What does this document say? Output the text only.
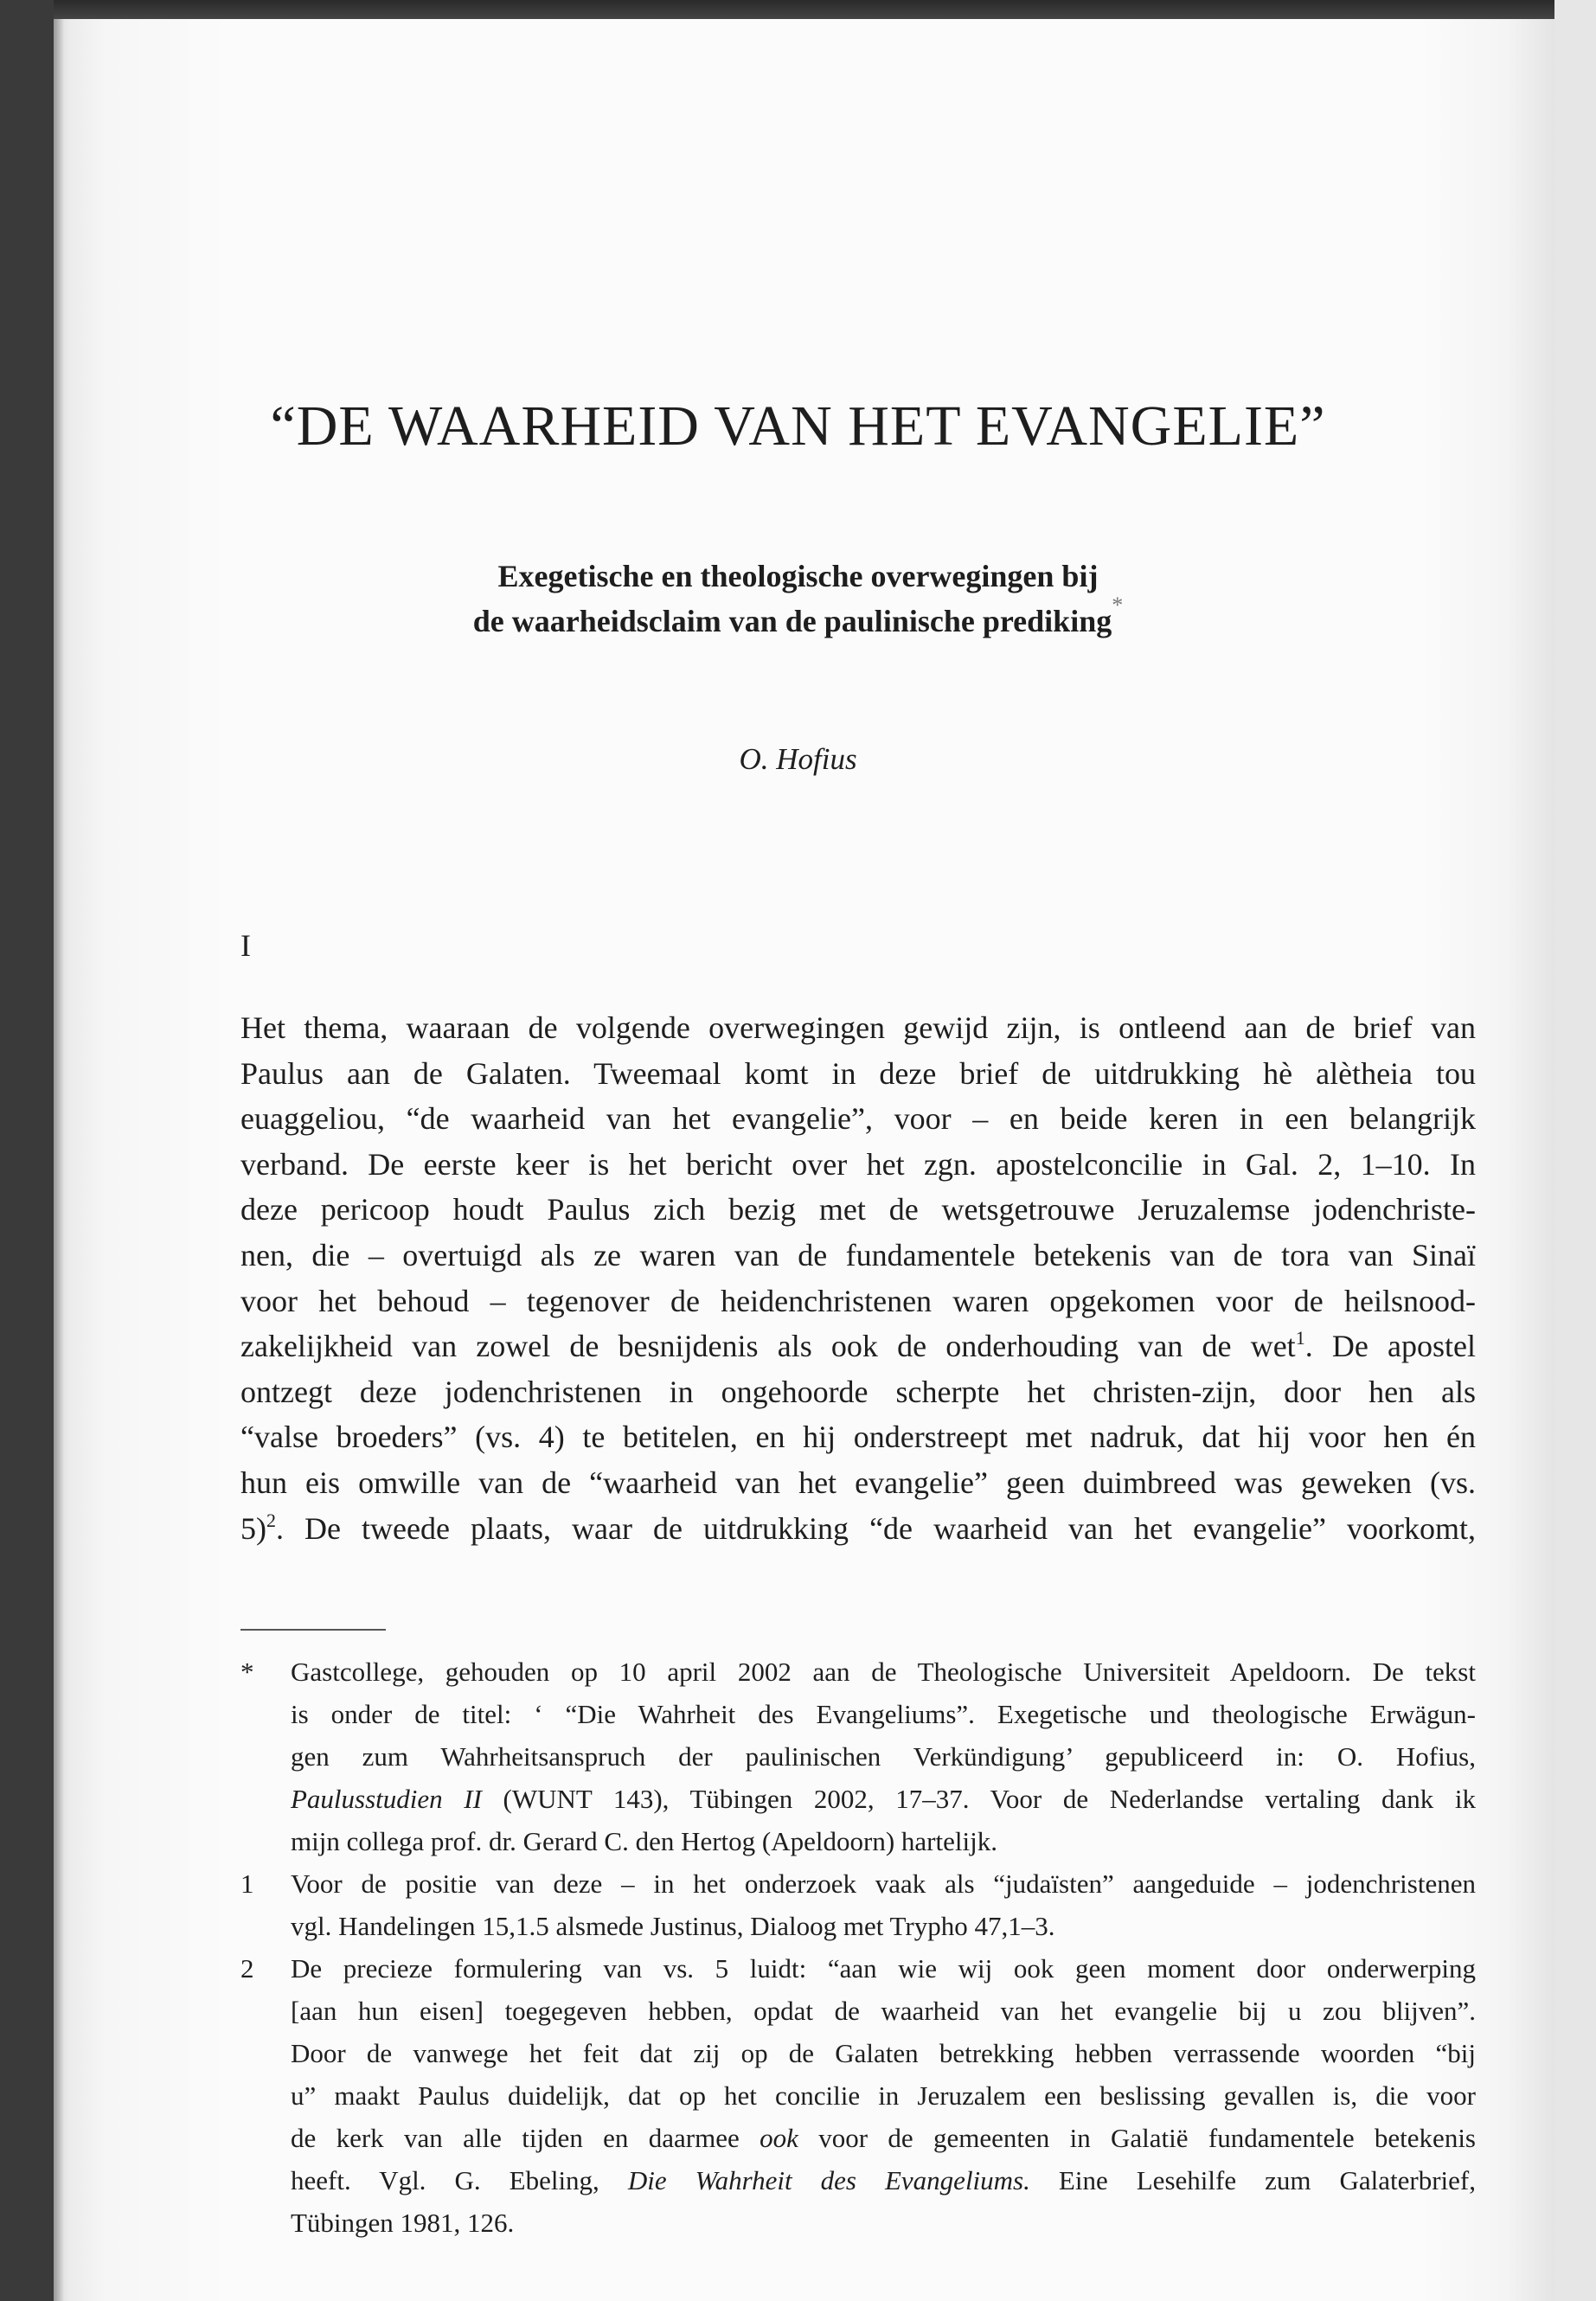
“DE WAARHEID VAN HET EVANGELIE”
Exegetische en theologische overwegingen bij
de waarheidsclaim van de paulinische prediking*
O. Hofius
I
Het thema, waaraan de volgende overwegingen gewijd zijn, is ontleend aan de brief van
Paulus aan de Galaten. Tweemaal komt in deze brief de uitdrukking hè alètheia tou
euaggeliou, “de waarheid van het evangelie”, voor – en beide keren in een belangrijk
verband. De eerste keer is het bericht over het zgn. apostelconcilie in Gal. 2, 1–10. In
deze pericoop houdt Paulus zich bezig met de wetsgetrouwe Jeruzalemse jodenchriste-
nen, die – overtuigd als ze waren van de fundamentele betekenis van de tora van Sinaï
voor het behoud – tegenover de heidenchristenen waren opgekomen voor de heilsnood-
zakelijkheid van zowel de besnijdenis als ook de onderhouding van de wet$^1$. De apostel
ontzegt deze jodenchristenen in ongehoorde scherpte het christen-zijn, door hen als
“valse broeders” (vs. 4) te betitelen, en hij onderstreept met nadruk, dat hij voor hen én
hun eis omwille van de “waarheid van het evangelie” geen duimbreed was geweken (vs.
5)$^2$. De tweede plaats, waar de uitdrukking “de waarheid van het evangelie” voorkomt,
* Gastcollege, gehouden op 10 april 2002 aan de Theologische Universiteit Apeldoorn. De tekst
is onder de titel: ‘ “Die Wahrheit des Evangeliums”. Exegetische und theologische Erwägun-
gen zum Wahrheitsanspruch der paulinischen Verkündigung’ gepubliceerd in: O. Hofius,
Paulusstudien II (WUNT 143), Tübingen 2002, 17–37. Voor de Nederlandse vertaling dank ik
mijn collega prof. dr. Gerard C. den Hertog (Apeldoorn) hartelijk.
1 Voor de positie van deze – in het onderzoek vaak als “judaïsten” aangeduide – jodenchristenen
vgl. Handelingen 15,1.5 alsmede Justinus, Dialoog met Trypho 47,1–3.
2 De precieze formulering van vs. 5 luidt: “aan wie wij ook geen moment door onderwerping
[aan hun eisen] toegegeven hebben, opdat de waarheid van het evangelie bij u zou blijven”.
Door de vanwege het feit dat zij op de Galaten betrekking hebben verrassende woorden “bij
u” maakt Paulus duidelijk, dat op het concilie in Jeruzalem een beslissing gevallen is, die voor
de kerk van alle tijden en daarmee ook voor de gemeenten in Galatië fundamentele betekenis
heeft. Vgl. G. Ebeling, Die Wahrheit des Evangeliums. Eine Lesehilfe zum Galaterbrief,
Tübingen 1981, 126.
